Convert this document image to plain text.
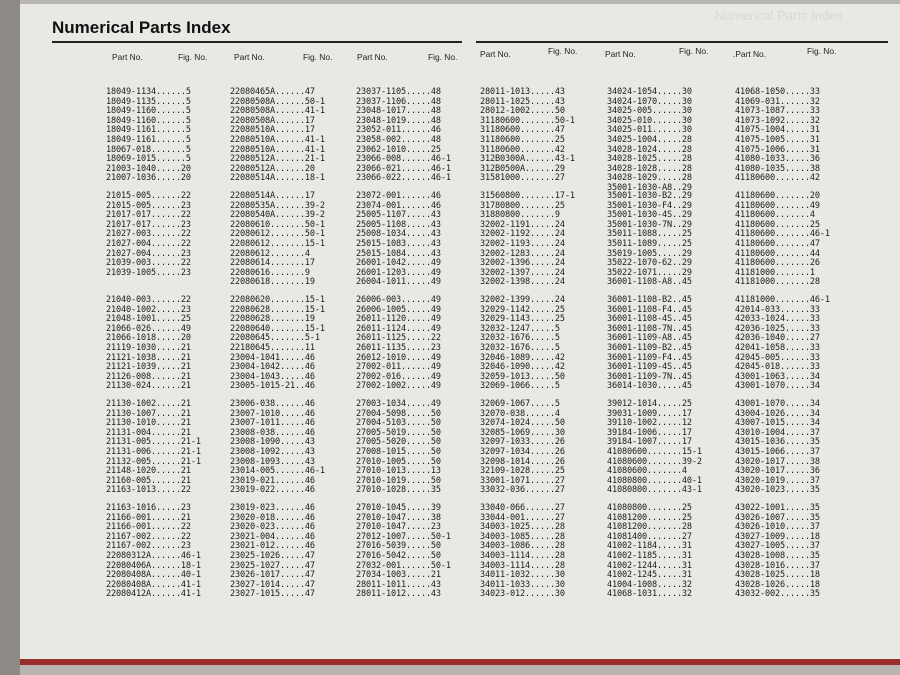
Numerical Parts Index
Numerical Parts Index
Part No.	Fig. No.	Part No.	Fig. No.	Part No.	Fig. No.	Part No.	Fig. No.	Part No.	Fig. No.	.Part No.	Fig. No.
18049-1134......5
18049-1135......5
18049-1160......5
18049-1160......5
18049-1161......5
18049-1161......5
18067-018.......5
18069-1015......5
21003-1040.....20
21007-1036.....20
21015-005......22
21015-005......23
21017-017......22
21017-017......23
21027-003......22
21027-004......22
21027-004......23
21039-003......22
21039-1005.....23
21040-003......22
21040-1002.....23
21048-1001.....25
21066-026......49
21066-1018.....20
21119-1030.....21
21121-1038.....21
21121-1039.....21
21126-008......21
21130-024......21
21130-1002.....21
21130-1007.....21
21130-1010.....21
21131-004......21
21131-005......21-1
21131-006......21-1
21132-005......21-1
21148-1020.....21
21160-005......21
21163-1013.....22
21163-1016.....23
21166-001......21
21166-001......22
21167-002......22
21167-002......23
22080312A......46-1
22080406A......18-1
22080408A......40-1
22080408A......41-1
22080412A......41-1
22080465A......47
22080508A......50-1
22080508A......41-1
22080508A......17
22080510A......17
22080510A......41-1
22080510A......41-1
22080512A......21-1
22080512A......20
22080514A......18-1
22080514A......17
22080535A......39-2
22080540A......39-2
22080610.......50-1
22080612.......50-1
22080612.......15-1
22080612.......4
22080614.......17
22080616.......9
22080618.......19
22080620.......15-1
22080628.......15-1
22080628.......19
22080640.......15-1
22080645.......5-1
22180645.......11
23004-1041.....46
23004-1042.....46
23004-1043.....46
23005-1015-21..46
23006-038......46
23007-1010.....46
23007-1011.....46
23008-038......46
23008-1090.....43
23008-1092.....43
23008-1093.....43
23014-005......46-1
23019-021......46
23019-022......46
23019-023......46
23020-018......46
23020-023......46
23021-004......46
23021-012......46
23025-1026.....47
23025-1027.....47
23026-1017.....47
23027-1014.....47
23027-1015.....47
23037-1105.....48
23037-1106.....48
23048-1017.....48
23048-1019.....48
23052-011......46
23058-002......48
23062-1010.....25
23066-008......46-1
23066-021......46-1
23066-022......46-1
23072-001......46
23074-001......46
25005-1107.....43
25005-1108.....43
25008-1034.....43
25015-1083.....43
25015-1084.....43
26001-1042.....49
26001-1203.....49
26004-1011.....49
26006-003......49
26006-1005.....49
26011-1120.....49
26011-1124.....49
26011-1125.....22
26011-1135.....23
26012-1010.....49
27002-011......49
27002-016......49
27002-1002.....49
27003-1034.....49
27004-5098.....50
27004-5103.....50
27005-5019.....50
27005-5020.....50
27008-1015.....50
27010-1005.....50
27010-1013.....13
27010-1019.....50
27010-1028.....35
27010-1045.....39
27010-1047.....38
27010-1047.....23
27012-1007.....50-1
27016-5039.....50
27016-5042.....50
27032-001......50-1
27034-1003.....21
28011-1011.....43
28011-1012.....43
28011-1013.....43
28011-1025.....43
28012-1002.....50
31180600.......50-1
31180600.......47
31180600.......25
31180600.......42
312B0300A......43-1
312B0500A......29
31581000.......27
31560800.......17-1
31780800.......25
31880800.......9
32002-1191.....24
32002-1192.....24
32002-1193.....24
32002-1283.....24
32002-1396.....24
32002-1397.....24
32002-1398.....24
32002-1399.....24
32029-1142.....25
32029-1143.....25
32032-1247.....5
32032-1676.....5
32032-1676.....5
32046-1089.....42
32046-1090.....42
32059-1013.....50
32069-1066.....5
32069-1067.....5
32070-038......4
32074-1024.....50
32085-1069.....30
32097-1033.....26
32097-1034.....26
32098-1014.....26
32109-1028.....25
33001-1071.....27
33032-036......27
33040-066......27
33044-001......27
34003-1025.....28
34003-1085.....28
34003-1086.....28
34003-1114.....28
34003-1114.....28
34011-1032.....30
34011-1033.....30
34023-012......30
34024-1054.....30
34024-1070.....30
34025-005......30
34025-010......30
34025-011......30
34025-1004.....28
34028-1024.....28
34028-1025.....28
34028-1028.....28
34028-1029.....28
35001-1030-A8..29
35001-1030-B2..29
35001-1030-F4..29
35001-1030-4S..29
35001-1030-7N..29
35011-1088.....25
35011-1089.....25
35019-1005.....29
35022-1070-62..29
35022-1071.....29
36001-1108-A8..45
36001-1108-B2..45
36001-1108-F4..45
36001-1108-4S..45
36001-1108-7N..45
36001-1109-A8..45
36001-1109-B2..45
36001-1109-F4..45
36001-1109-4S..45
36001-1109-7N..45
36014-1030.....45
39012-1014.....25
39031-1009.....17
39110-1002.....12
39184-1006.....17
39184-1007.....17
41080600.......15-1
41080600.......39-2
41080600.......4
41080800.......40-1
41080800.......43-1
41080800.......25
41081200.......25
41081200.......28
41081400.......27
41002-1184.....31
41002-1185.....31
41002-1244.....31
41002-1245.....31
41004-1008.....32
41068-1031.....32
41068-1050.....33
41069-031......32
41073-1087.....33
41073-1092.....32
41075-1004.....31
41075-1005.....31
41075-1006.....31
41080-1033.....36
41080-1035.....38
41180600.......42
41180600.......20
41180600.......49
41180600.......4
41180600.......25
41180600.......46-1
41180600.......47
41180600.......44
41180600.......26
41181000.......1
41181000.......28
41181000.......46-1
42014-033......33
42033-1024.....33
42036-1025.....33
42036-1040.....27
42041-1058.....33
42045-005......33
42045-018......33
43001-1063.....34
43001-1070.....34
43001-1070.....34
43004-1026.....34
43007-1015.....34
43010-1004.....37
43015-1036.....35
43015-1066.....37
43020-1017.....38
43020-1017.....36
43020-1019.....37
43020-1023.....35
43022-1001.....35
43026-1007.....35
43026-1010.....37
43027-1009.....18
43027-1005.....37
43028-1008.....35
43028-1016.....37
43028-1025.....18
43028-1026.....18
43032-002......35
